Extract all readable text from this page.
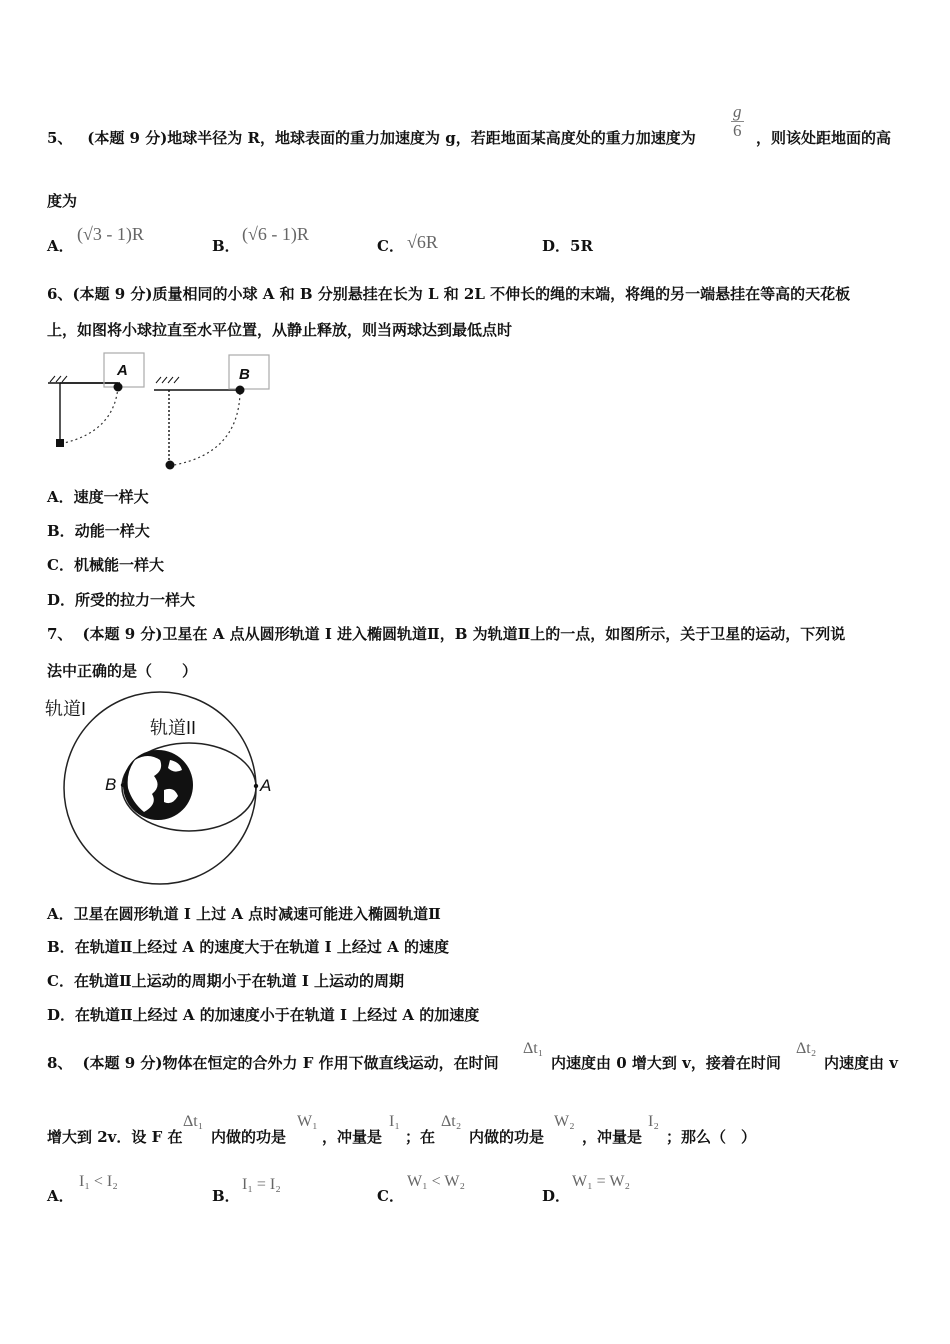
5、 (本题 9 分)地球半径为 R，地球表面的重力加速度为 g，若距地面某高度处的重力加速度为 $\frac{g}{6}$ ，则该处距地面的高
度为
A．
(√3 - 1)R
B．
(√6 - 1)R
C． √6R	D．5R
6、(本题 9 分)质量相同的小球 A 和 B 分别悬挂在长为 L 和 2L 不伸长的绳的末端，将绳的另一端悬挂在等高的天花板
上，如图将小球拉直至水平位置，从静止释放，则当两球达到最低点时
A	B
A．速度一样大
B．动能一样大
C．机械能一样大
D．所受的拉力一样大
7、 (本题 9 分)卫星在 A 点从圆形轨道 I 进入椭圆轨道Ⅱ，B 为轨道Ⅱ上的一点，如图所示，关于卫星的运动，下列说
法中正确的是（　　）
轨道I
轨道II
B	A
A．卫星在圆形轨道 I 上过 A 点时减速可能进入椭圆轨道Ⅱ
B．在轨道Ⅱ上经过 A 的速度大于在轨道 I 上经过 A 的速度
C．在轨道Ⅱ上运动的周期小于在轨道 I 上运动的周期
D．在轨道Ⅱ上经过 A 的加速度小于在轨道 I 上经过 A 的加速度
8、 (本题 9 分)物体在恒定的合外力 F 作用下做直线运动，在时间
Δt₁
内速度由 0 增大到 v，接着在时间
Δt₂
内速度由 v
增大到 2v．设 F 在
Δt₁
内做的功是
W₁
，冲量是
I₁
；在
Δt₂
内做的功是
W₂
，冲量是
I₂
；那么（　）
A．
I₁ < I₂
B．
I₁ = I₂
C．
W₁ < W₂
D．
W₁ = W₂
